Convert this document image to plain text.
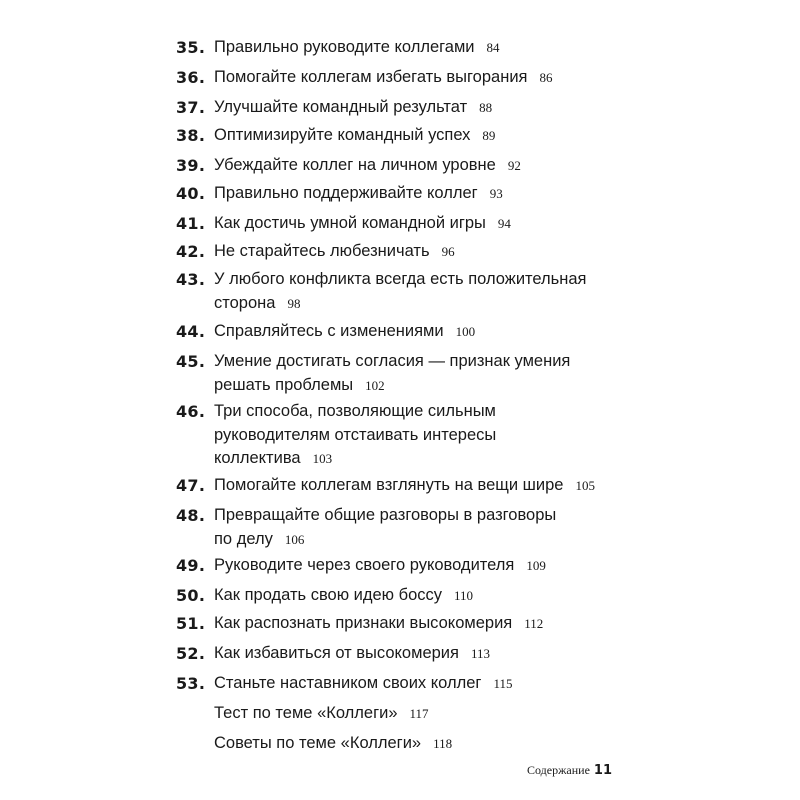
35. Правильно руководите коллегами 84
36. Помогайте коллегам избегать выгорания 86
37. Улучшайте командный результат 88
38. Оптимизируйте командный успех 89
39. Убеждайте коллег на личном уровне 92
40. Правильно поддерживайте коллег 93
41. Как достичь умной командной игры 94
42. Не старайтесь любезничать 96
43. У любого конфликта всегда есть положительная
сторона 98
44. Справляйтесь с изменениями 100
45. Умение достигать согласия — признак умения
решать проблемы 102
46. Три способа, позволяющие сильным
руководителям отстаивать интересы
коллектива 103
47. Помогайте коллегам взглянуть на вещи шире 105
48. Превращайте общие разговоры в разговоры
по делу 106
49. Руководите через своего руководителя 109
50. Как продать свою идею боссу 110
51. Как распознать признаки высокомерия 112
52. Как избавиться от высокомерия 113
53. Станьте наставником своих коллег 115
Тест по теме «Коллеги» 117
Советы по теме «Коллеги» 118
Содержание 11
